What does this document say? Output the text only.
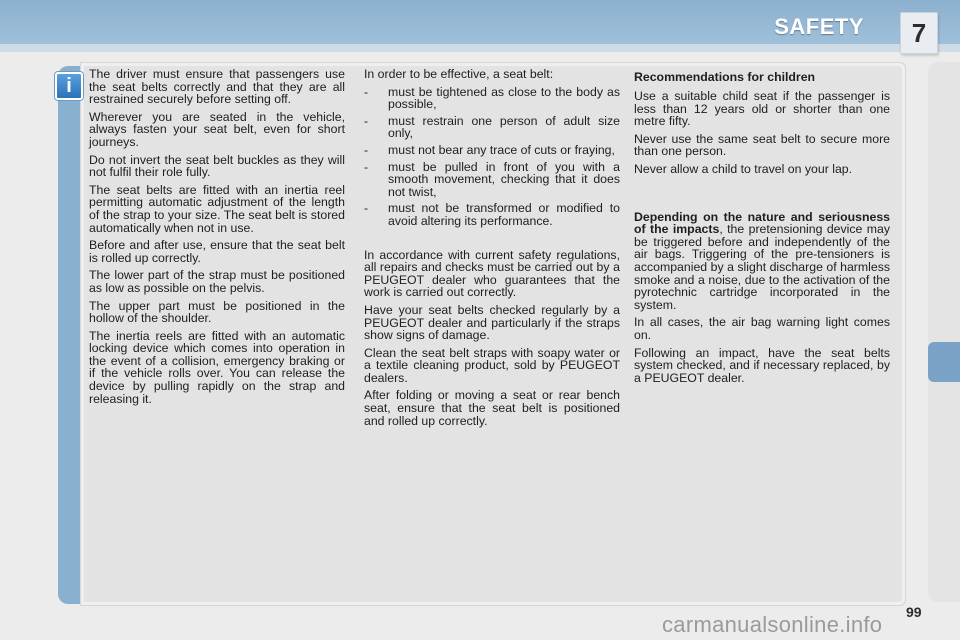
SAFETY	7
i

The driver must ensure that passengers use the seat belts correctly and that they are all restrained securely before setting off.

Wherever you are seated in the vehicle, always fasten your seat belt, even for short journeys.

Do not invert the seat belt buckles as they will not fulfil their role fully.

The seat belts are fitted with an inertia reel permitting automatic adjustment of the length of the strap to your size. The seat belt is stored automatically when not in use.

Before and after use, ensure that the seat belt is rolled up correctly.

The lower part of the strap must be positioned as low as possible on the pelvis.

The upper part must be positioned in the hollow of the shoulder.

The inertia reels are fitted with an automatic locking device which comes into operation in the event of a collision, emergency braking or if the vehicle rolls over. You can release the device by pulling rapidly on the strap and releasing it.

In order to be effective, a seat belt:

- must be tightened as close to the body as possible,
- must restrain one person of adult size only,
- must not bear any trace of cuts or fraying,
- must be pulled in front of you with a smooth movement, checking that it does not twist,
- must not be transformed or modified to avoid altering its performance.

In accordance with current safety regulations, all repairs and checks must be carried out by a PEUGEOT dealer who guarantees that the work is carried out correctly.

Have your seat belts checked regularly by a PEUGEOT dealer and particularly if the straps show signs of damage.

Clean the seat belt straps with soapy water or a textile cleaning product, sold by PEUGEOT dealers.

After folding or moving a seat or rear bench seat, ensure that the seat belt is positioned and rolled up correctly.

Recommendations for children

Use a suitable child seat if the passenger is less than 12 years old or shorter than one metre fifty.

Never use the same seat belt to secure more than one person.

Never allow a child to travel on your lap.

Depending on the nature and seriousness of the impacts, the pretensioning device may be triggered before and independently of the air bags. Triggering of the pre-tensioners is accompanied by a slight discharge of harmless smoke and a noise, due to the activation of the pyrotechnic cartridge incorporated in the system.

In all cases, the air bag warning light comes on.

Following an impact, have the seat belts system checked, and if necessary replaced, by a PEUGEOT dealer.

99
carmanualsonline.info
